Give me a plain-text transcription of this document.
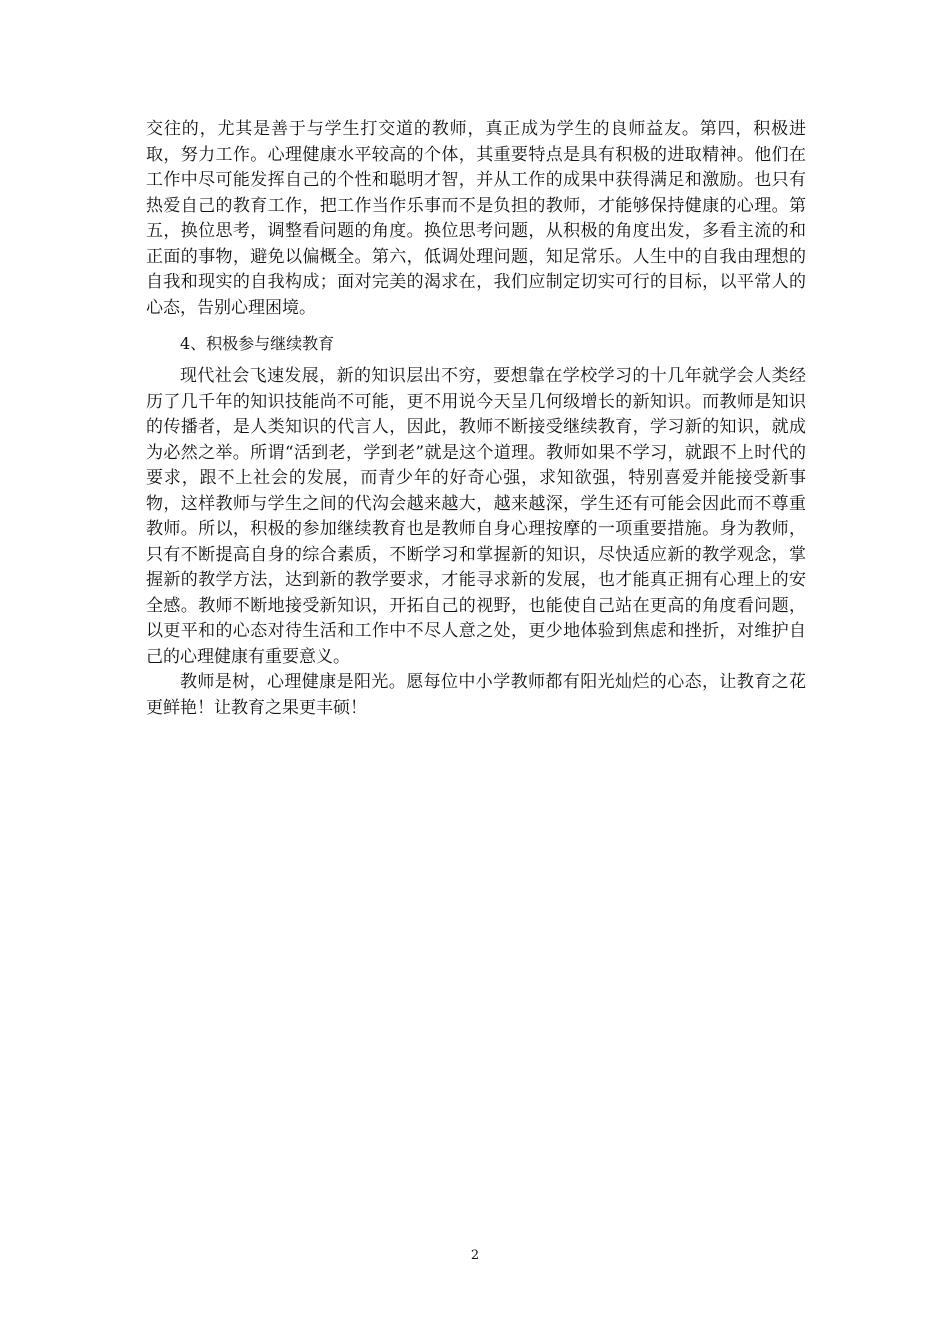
交往的，尤其是善于与学生打交道的教师，真正成为学生的良师益友。第四，积极进取，努力工作。心理健康水平较高的个体，其重要特点是具有积极的进取精神。他们在工作中尽可能发挥自己的个性和聪明才智，并从工作的成果中获得满足和激励。也只有热爱自己的教育工作，把工作当作乐事而不是负担的教师，才能够保持健康的心理。第五，换位思考，调整看问题的角度。换位思考问题，从积极的角度出发，多看主流的和正面的事物，避免以偏概全。第六，低调处理问题，知足常乐。人生中的自我由理想的自我和现实的自我构成；面对完美的渴求在，我们应制定切实可行的目标，以平常人的心态，告别心理困境。

4、积极参与继续教育

现代社会飞速发展，新的知识层出不穷，要想靠在学校学习的十几年就学会人类经历了几千年的知识技能尚不可能，更不用说今天呈几何级增长的新知识。而教师是知识的传播者，是人类知识的代言人，因此，教师不断接受继续教育，学习新的知识，就成为必然之举。所谓“活到老，学到老”就是这个道理。教师如果不学习，就跟不上时代的要求，跟不上社会的发展，而青少年的好奇心强，求知欲强，特别喜爱并能接受新事物，这样教师与学生之间的代沟会越来越大，越来越深，学生还有可能会因此而不尊重教师。所以，积极的参加继续教育也是教师自身心理按摩的一项重要措施。身为教师，只有不断提高自身的综合素质，不断学习和掌握新的知识，尽快适应新的教学观念，掌握新的教学方法，达到新的教学要求，才能寻求新的发展，也才能真正拥有心理上的安全感。教师不断地接受新知识，开拓自己的视野，也能使自己站在更高的角度看问题，以更平和的心态对待生活和工作中不尽人意之处，更少地体验到焦虑和挫折，对维护自己的心理健康有重要意义。

教师是树，心理健康是阳光。愿每位中小学教师都有阳光灿烂的心态，让教育之花更鲜艳！让教育之果更丰硕！

2
